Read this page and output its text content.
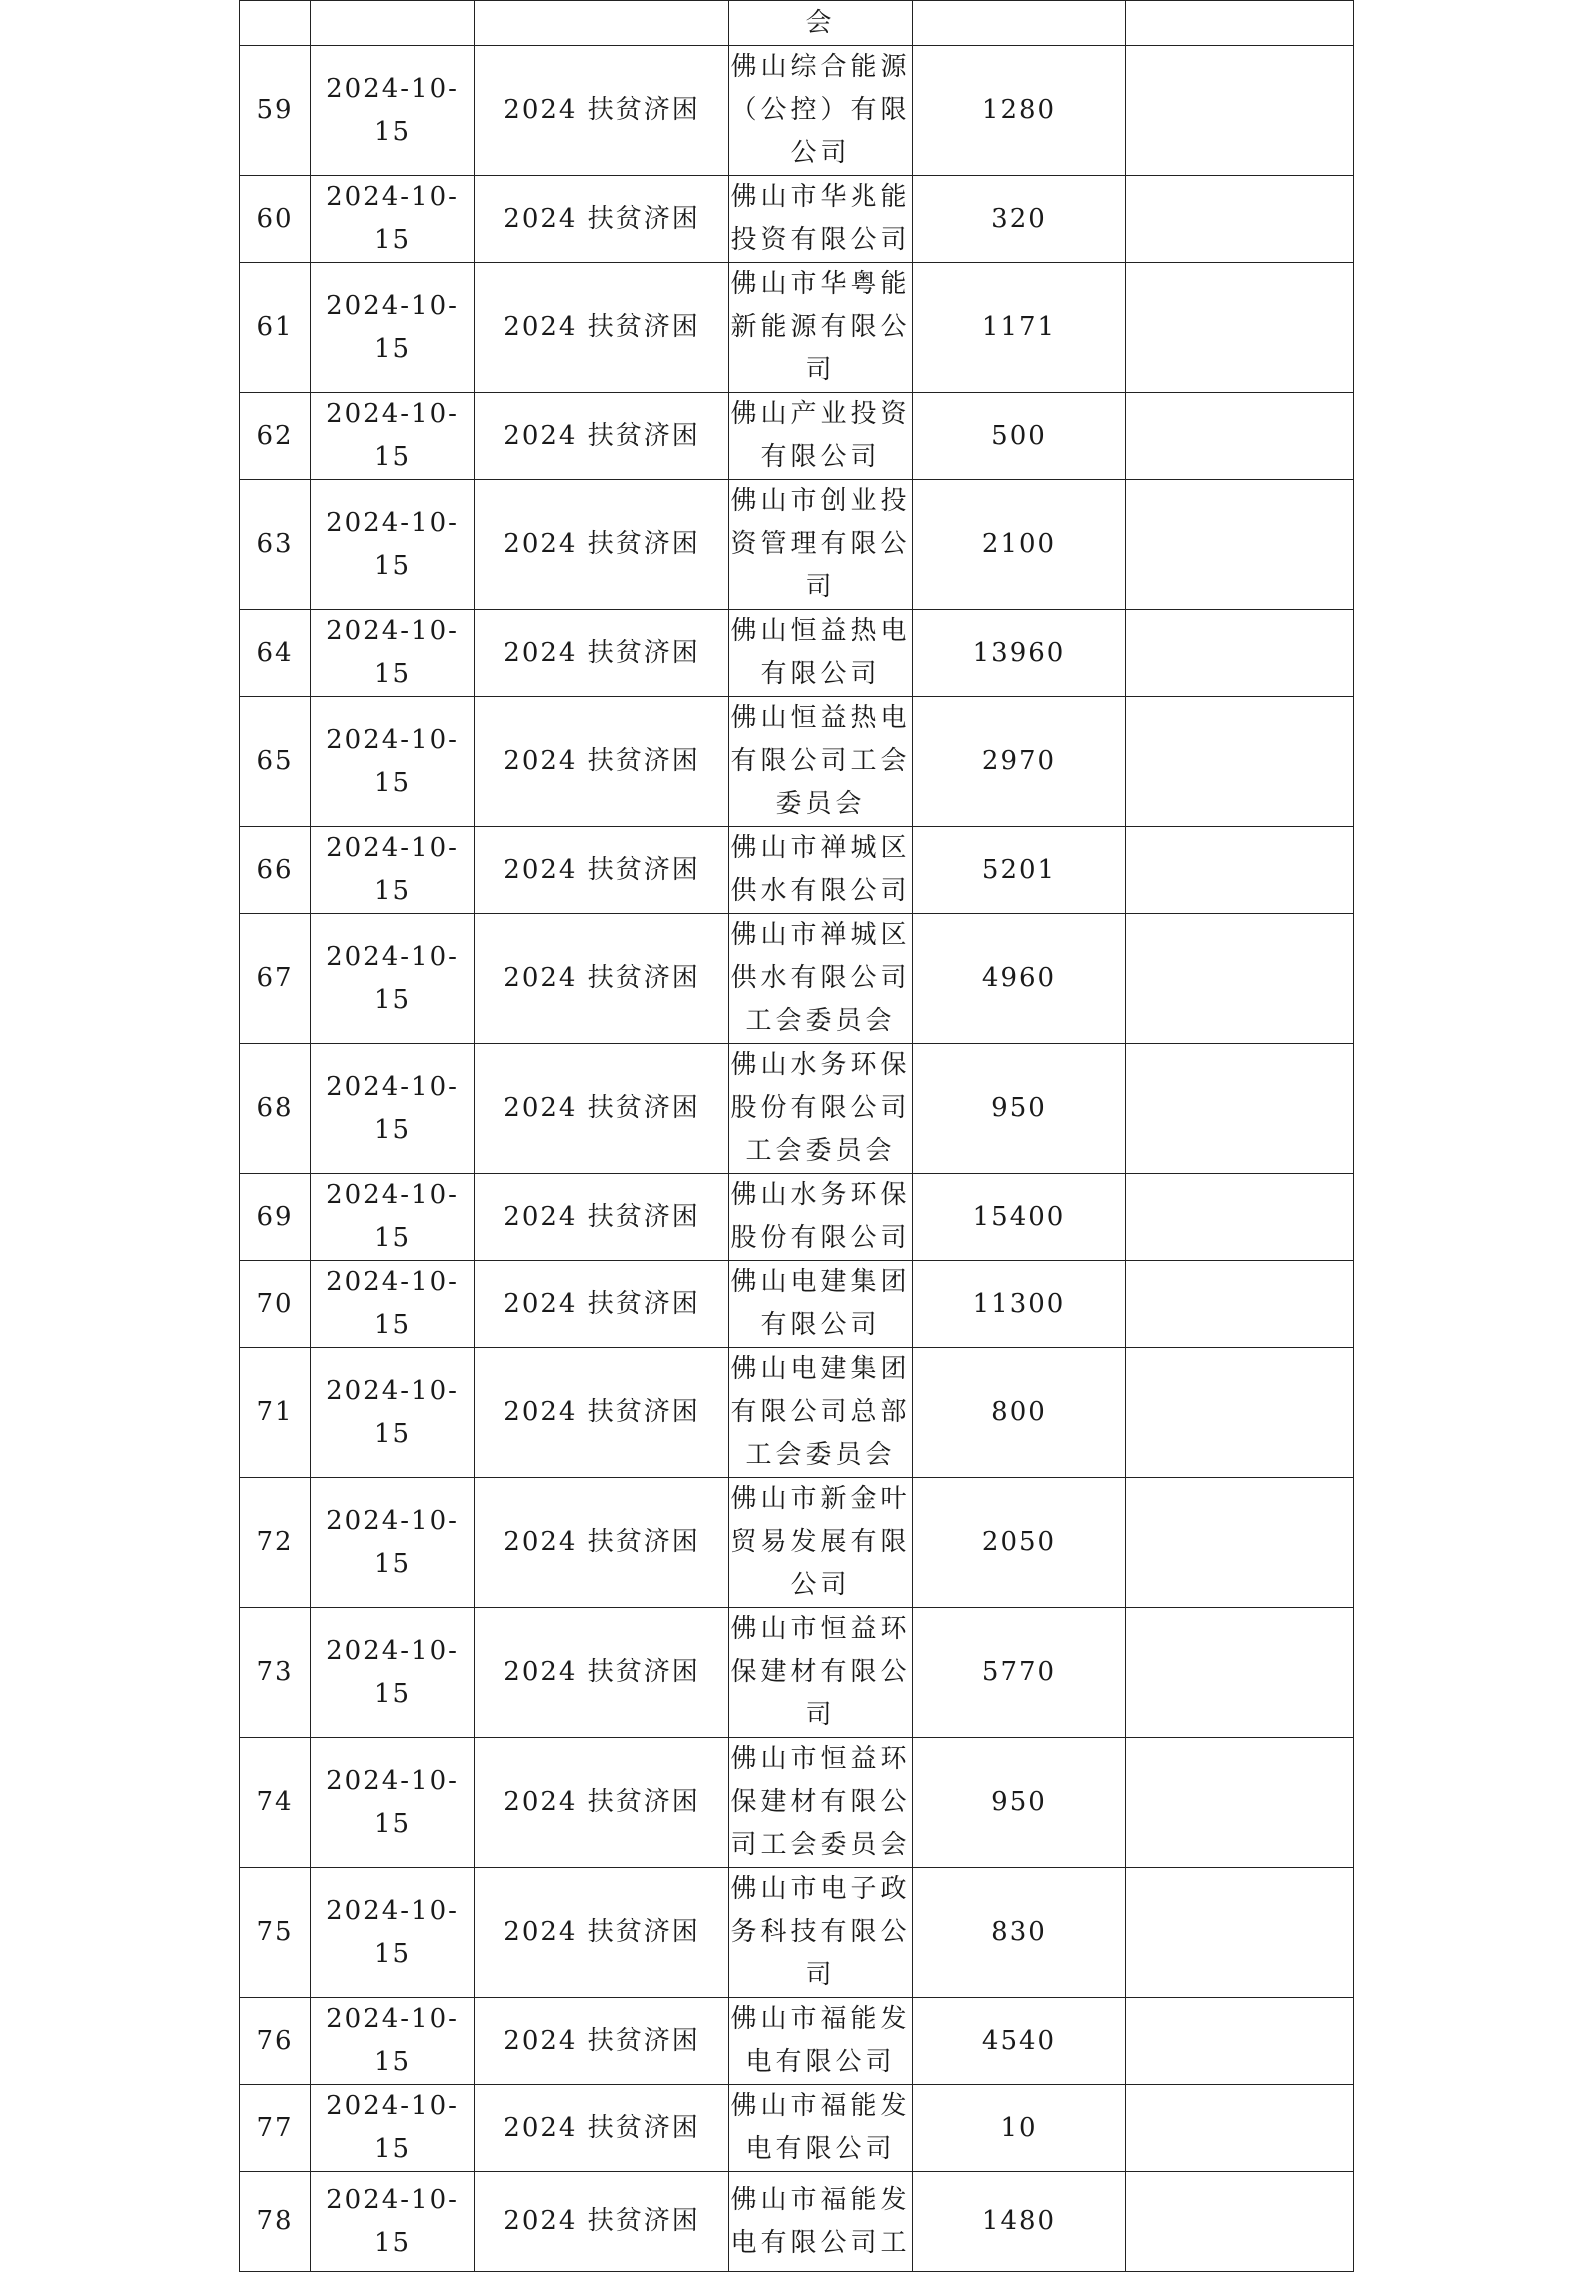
			会		

59	2024-10-15	2024 扶贫济困	佛山综合能源（公控）有限公司	1280	
60	2024-10-15	2024 扶贫济困	佛山市华兆能投资有限公司	320	
61	2024-10-15	2024 扶贫济困	佛山市华粤能新能源有限公司	1171	
62	2024-10-15	2024 扶贫济困	佛山产业投资有限公司	500	
63	2024-10-15	2024 扶贫济困	佛山市创业投资管理有限公司	2100	
64	2024-10-15	2024 扶贫济困	佛山恒益热电有限公司	13960	
65	2024-10-15	2024 扶贫济困	佛山恒益热电有限公司工会委员会	2970	
66	2024-10-15	2024 扶贫济困	佛山市禅城区供水有限公司	5201	
67	2024-10-15	2024 扶贫济困	佛山市禅城区供水有限公司工会委员会	4960	
68	2024-10-15	2024 扶贫济困	佛山水务环保股份有限公司工会委员会	950	
69	2024-10-15	2024 扶贫济困	佛山水务环保股份有限公司	15400	
70	2024-10-15	2024 扶贫济困	佛山电建集团有限公司	11300	
71	2024-10-15	2024 扶贫济困	佛山电建集团有限公司总部工会委员会	800	
72	2024-10-15	2024 扶贫济困	佛山市新金叶贸易发展有限公司	2050	
73	2024-10-15	2024 扶贫济困	佛山市恒益环保建材有限公司	5770	
74	2024-10-15	2024 扶贫济困	佛山市恒益环保建材有限公司工会委员会	950	
75	2024-10-15	2024 扶贫济困	佛山市电子政务科技有限公司	830	
76	2024-10-15	2024 扶贫济困	佛山市福能发电有限公司	4540	
77	2024-10-15	2024 扶贫济困	佛山市福能发电有限公司	10	
78	2024-10-15	2024 扶贫济困	佛山市福能发电有限公司工	1480	
